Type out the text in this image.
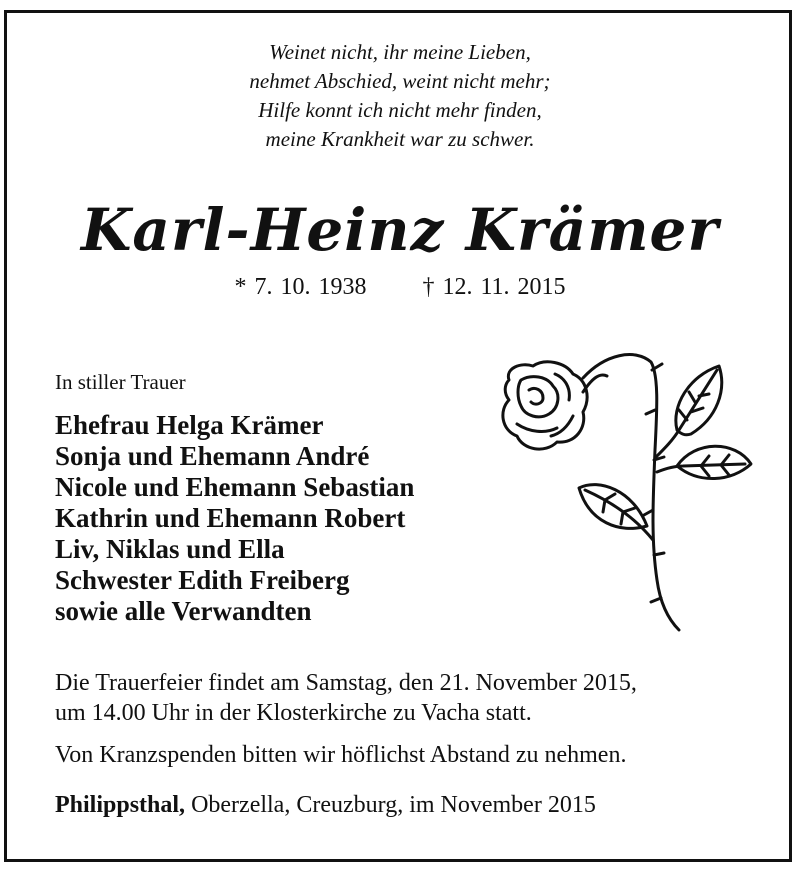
Weinet nicht, ihr meine Lieben,
nehmet Abschied, weint nicht mehr;
Hilfe konnt ich nicht mehr finden,
meine Krankheit war zu schwer.
Karl-Heinz Krämer
* 7. 10. 1938 † 12. 11. 2015
In stiller Trauer
Ehefrau Helga Krämer
Sonja und Ehemann André
Nicole und Ehemann Sebastian
Kathrin und Ehemann Robert
Liv, Niklas und Ella
Schwester Edith Freiberg
sowie alle Verwandten
Die Trauerfeier findet am Samstag, den 21. November 2015,
um 14.00 Uhr in der Klosterkirche zu Vacha statt.
Von Kranzspenden bitten wir höflichst Abstand zu nehmen.
Philippsthal, Oberzella, Creuzburg, im November 2015
